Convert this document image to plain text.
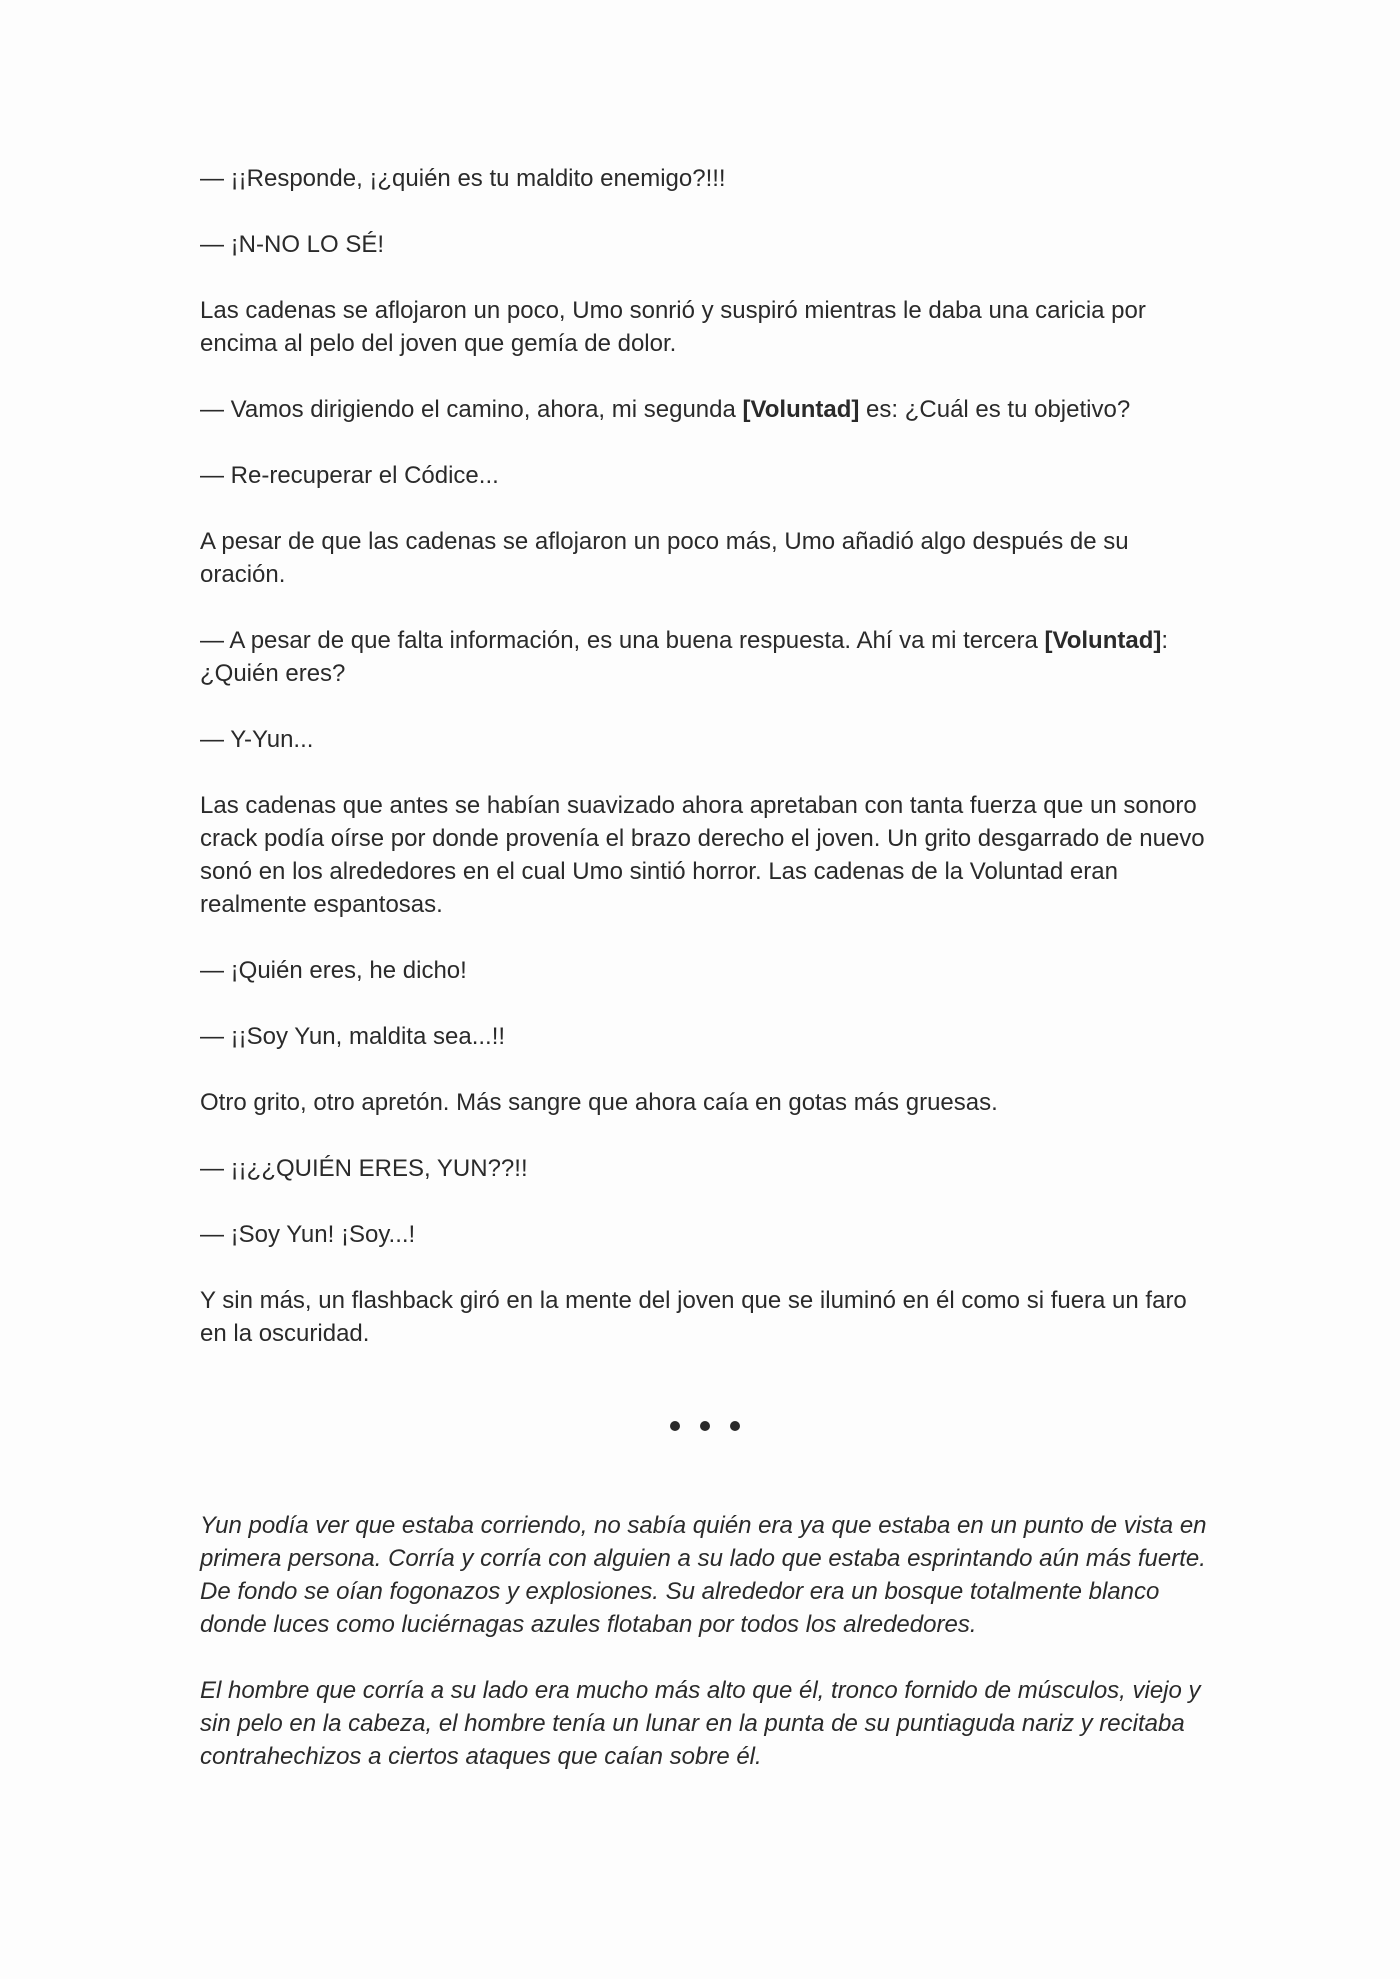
— ¡¡Responde, ¡¿quién es tu maldito enemigo?!!!

— ¡N-NO LO SÉ!

Las cadenas se aflojaron un poco, Umo sonrió y suspiró mientras le daba una caricia por encima al pelo del joven que gemía de dolor.

— Vamos dirigiendo el camino, ahora, mi segunda [Voluntad] es: ¿Cuál es tu objetivo?

— Re-recuperar el Códice...

A pesar de que las cadenas se aflojaron un poco más, Umo añadió algo después de su oración.

— A pesar de que falta información, es una buena respuesta. Ahí va mi tercera [Voluntad]: ¿Quién eres?

— Y-Yun...

Las cadenas que antes se habían suavizado ahora apretaban con tanta fuerza que un sonoro crack podía oírse por donde provenía el brazo derecho el joven. Un grito desgarrado de nuevo sonó en los alrededores en el cual Umo sintió horror. Las cadenas de la Voluntad eran realmente espantosas.

— ¡Quién eres, he dicho!

— ¡¡Soy Yun, maldita sea...!!

Otro grito, otro apretón. Más sangre que ahora caía en gotas más gruesas.

— ¡¡¿¿QUIÉN ERES, YUN??!!

— ¡Soy Yun! ¡Soy...!

Y sin más, un flashback giró en la mente del joven que se iluminó en él como si fuera un faro en la oscuridad.

Yun podía ver que estaba corriendo, no sabía quién era ya que estaba en un punto de vista en primera persona. Corría y corría con alguien a su lado que estaba esprintando aún más fuerte. De fondo se oían fogonazos y explosiones. Su alrededor era un bosque totalmente blanco donde luces como luciérnagas azules flotaban por todos los alrededores.

El hombre que corría a su lado era mucho más alto que él, tronco fornido de músculos, viejo y sin pelo en la cabeza, el hombre tenía un lunar en la punta de su puntiaguda nariz y recitaba contrahechizos a ciertos ataques que caían sobre él.
